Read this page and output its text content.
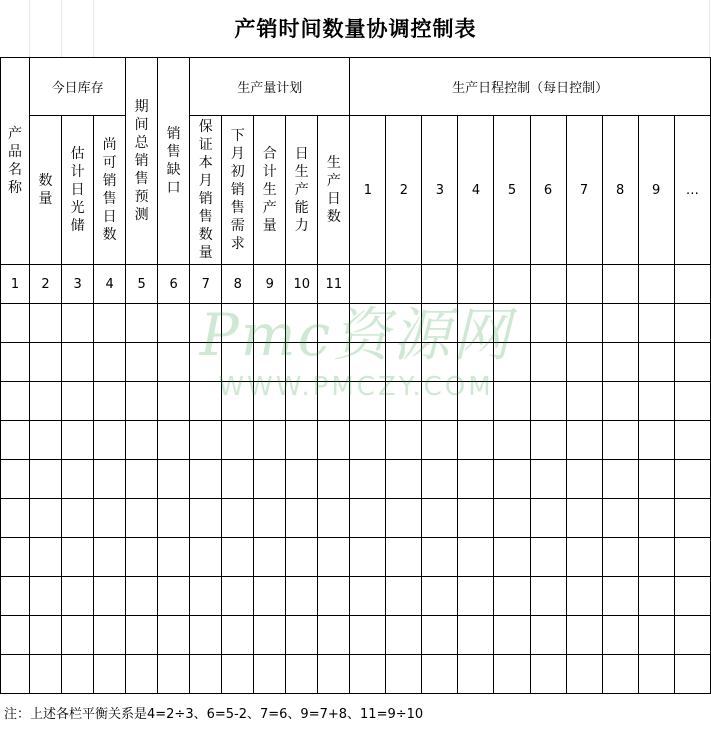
产销时间数量协调控制表
产品名称	今日库存			期间总销售预测	销售缺口	生产量计划					生产日程控制（每日控制）									
	数量	估计日光储	尚可销售日数			保证本月销售数量	下月初销售需求	合计生产量	日生产能力	生产日数	1	2	3	4	5	6	7	8	9	…
1	2	3	4	5	6	7	8	9	10	11										

Pmc资源网
WWW.PMCZY.COM
注：上述各栏平衡关系是4=2÷3、6=5-2、7=6、9=7+8、11=9÷10
